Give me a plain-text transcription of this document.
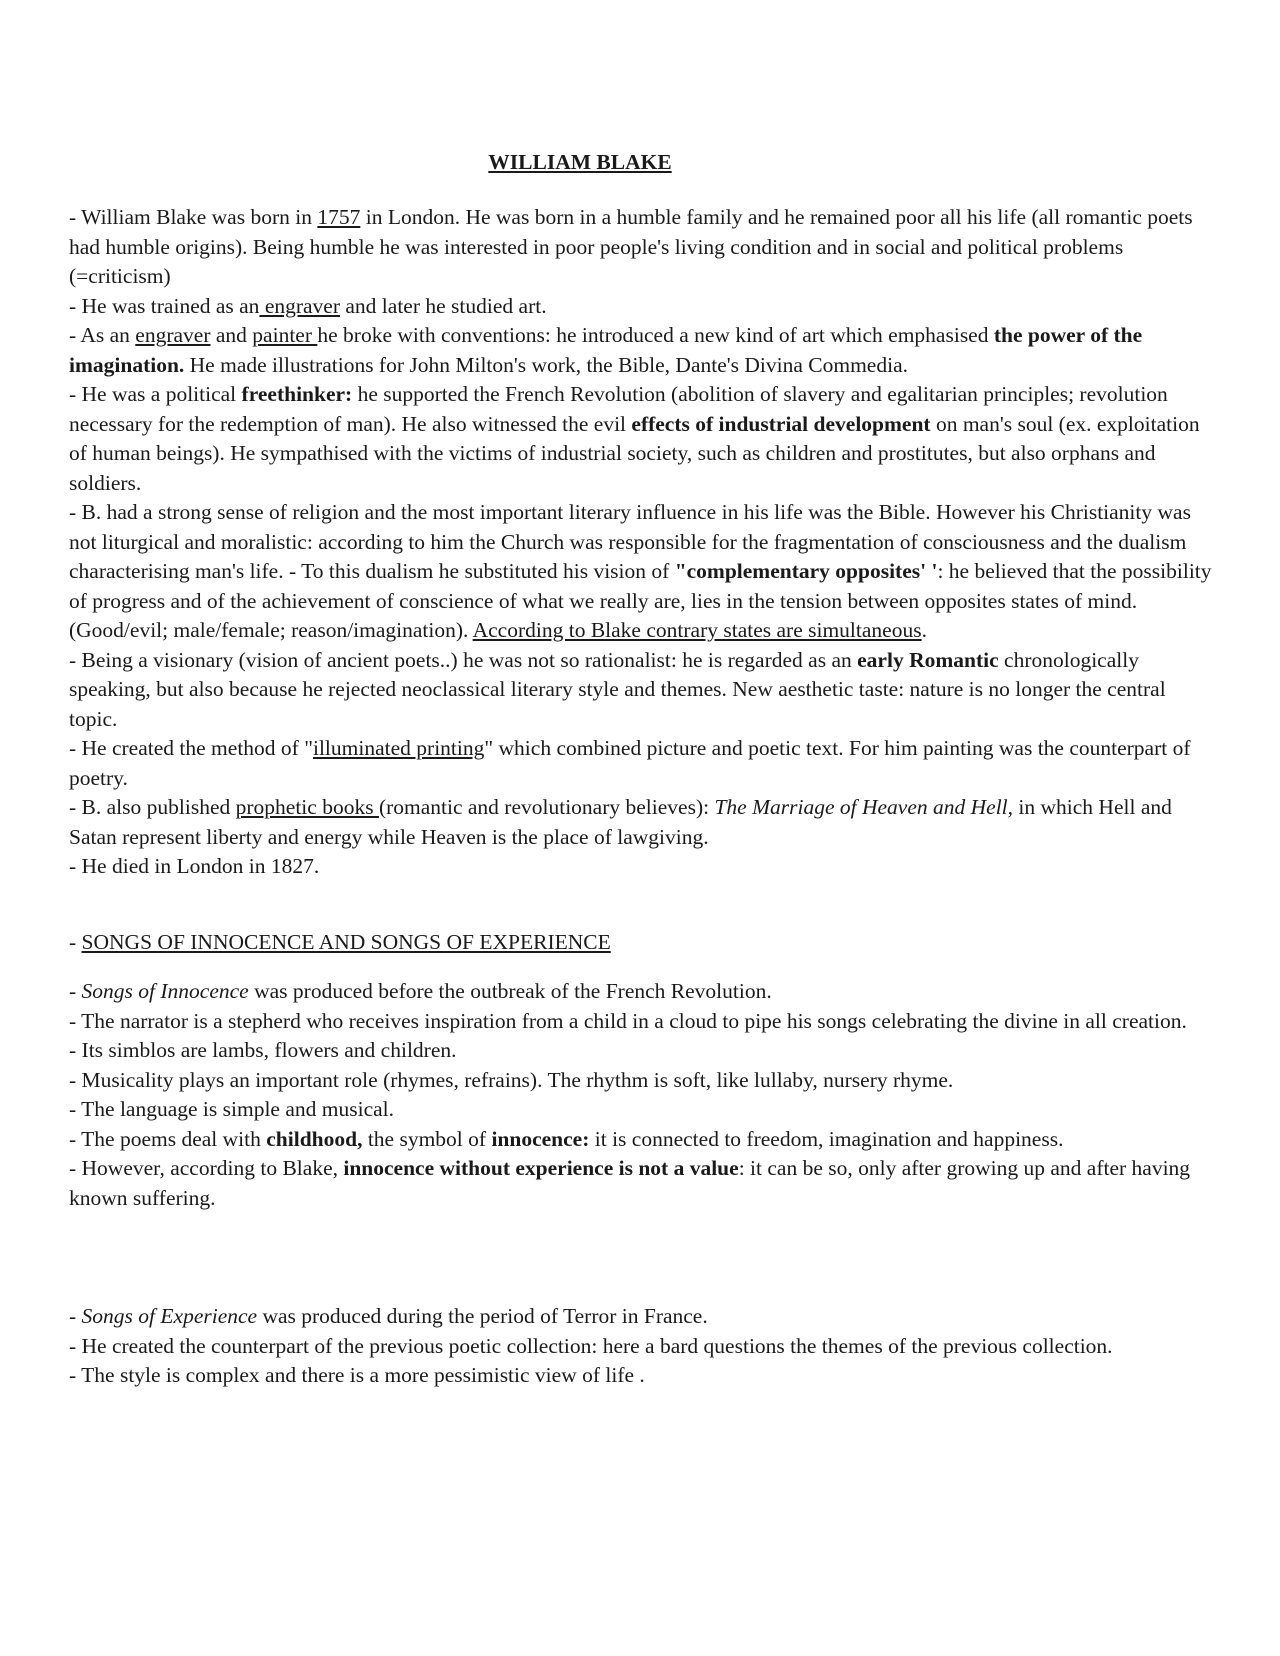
WILLIAM BLAKE

- William Blake was born in 1757 in London. He was born in a humble family and he remained poor all his life (all romantic poets had humble origins). Being humble he was interested in poor people's living condition and in social and political problems (=criticism)

- He was trained as an engraver and later he studied art.

- As an engraver and painter he broke with conventions: he introduced a new kind of art which emphasised the power of the imagination. He made illustrations for John Milton's work, the Bible, Dante's Divina Commedia.

- He was a political freethinker: he supported the French Revolution (abolition of slavery and egalitarian principles; revolution necessary for the redemption of man). He also witnessed the evil effects of industrial development on man's soul (ex. exploitation of human beings). He sympathised with the victims of industrial society, such as children and prostitutes, but also orphans and soldiers.

- B. had a strong sense of religion and the most important literary influence in his life was the Bible. However his Christianity was not liturgical and moralistic: according to him the Church was responsible for the fragmentation of consciousness and the dualism characterising man's life. - To this dualism he substituted his vision of "complementary opposites' ': he believed that the possibility of progress and of the achievement of conscience of what we really are, lies in the tension between opposites states of mind. (Good/evil; male/female; reason/imagination). According to Blake contrary states are simultaneous.

- Being a visionary (vision of ancient poets..) he was not so rationalist: he is regarded as an early Romantic chronologically speaking, but also because he rejected neoclassical literary style and themes. New aesthetic taste: nature is no longer the central topic.

- He created the method of "illuminated printing" which combined picture and poetic text. For him painting was the counterpart of poetry.

- B. also published prophetic books (romantic and revolutionary believes): The Marriage of Heaven and Hell, in which Hell and Satan represent liberty and energy while Heaven is the place of lawgiving.

- He died in London in 1827.

- SONGS OF INNOCENCE AND SONGS OF EXPERIENCE

- Songs of Innocence was produced before the outbreak of the French Revolution.

- The narrator is a stepherd who receives inspiration from a child in a cloud to pipe his songs celebrating the divine in all creation.

- Its simblos are lambs, flowers and children.

- Musicality plays an important role (rhymes, refrains). The rhythm is soft, like lullaby, nursery rhyme.

- The language is simple and musical.

- The poems deal with childhood, the symbol of innocence: it is connected to freedom, imagination and happiness.

- However, according to Blake, innocence without experience is not a value: it can be so, only after growing up and after having known suffering.

- Songs of Experience was produced during the period of Terror in France.

- He created the counterpart of the previous poetic collection: here a bard questions the themes of the previous collection.

- The style is complex and there is a more pessimistic view of life .
